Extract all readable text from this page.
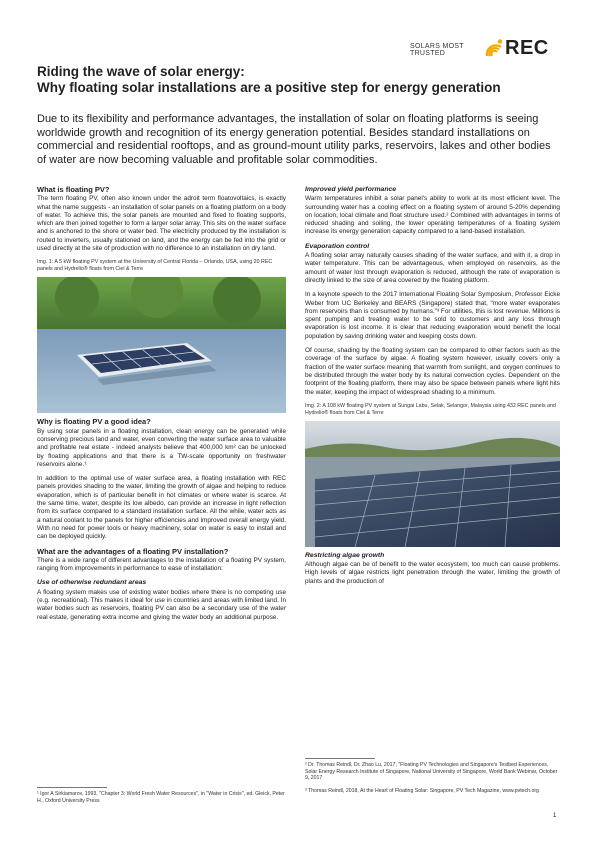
SOLARS MOST TRUSTED	REC
Riding the wave of solar energy:
Why floating solar installations are a positive step for energy generation
Due to its flexibility and performance advantages, the installation of solar on floating platforms is seeing worldwide growth and recognition of its energy generation potential. Besides standard installations on commercial and residential rooftops, and as ground-mount utility parks, reservoirs, lakes and other bodies of water are now becoming valuable and profitable solar commodities.
What is floating PV?

The term floating PV, often also known under the adroit term floatovoltaics, is exactly what the name suggests - an installation of solar panels on a floating platform on a body of water. To achieve this, the solar panels are mounted and fixed to floating supports, which are then joined together to form a larger solar array. This sits on the water surface and is anchored to the shore or water bed. The electricity produced by the installation is routed to inverters, usually stationed on land, and the energy can be fed into the grid or used directly at the site of production with no difference to an installation on dry land.

Img. 1: A 5 kW floating PV system at the University of Central Florida – Orlando, USA, using 20 REC panels and Hydrelio® floats from Ciel & Terre
Why is floating PV a good idea?

By using solar panels in a floating installation, clean energy can be generated while conserving precious land and water, even converting the water surface area to valuable and profitable real estate - indeed analysts believe that 400,000 km² can be unlocked by floating applications and that there is a TW-scale opportunity on freshwater reservoirs alone.¹

In addition to the optimal use of water surface area, a floating installation with REC panels provides shading to the water, limiting the growth of algae and helping to reduce evaporation, which is of particular benefit in hot climates or where water is scarce. At the same time, water, despite its low albedo, can provide an increase in light reflection from its surface compared to a standard installation surface. All the while, water acts as a natural coolant to the panels for higher efficiencies and improved overall energy yield. With no need for power tools or heavy machinery, solar on water is easy to install and can be deployed quickly.

What are the advantages of a floating PV installation?

There is a wide range of different advantages to the installation of a floating PV system, ranging from improvements in performance to ease of installation:

Use of otherwise redundant areas

A floating system makes use of existing water bodies where there is no competing use (e.g. recreational). This makes it ideal for use in countries and areas with limited land. In water bodies such as reservoirs, floating PV can also be a secondary use of the water real estate, generating extra income and giving the water body an additional purpose.

¹ Igor A Sirkiamarov, 1993, "Chapter 3: World Fresh Water Resources", in "Water in Crisis", ed. Gleick, Peter H., Oxford University Press
Improved yield performance

Warm temperatures inhibit a solar panel's ability to work at its most efficient level. The surrounding water has a cooling effect on a floating system of around 5-20% depending on location, local climate and float structure used.² Combined with advantages in terms of reduced shading and soiling, the lower operating temperatures of a floating system increase its energy generation capacity compared to a land-based installation.

Evaporation control

A floating solar array naturally causes shading of the water surface, and with it, a drop in water temperature. This can be advantageous, when employed on reservoirs, as the amount of water lost through evaporation is reduced, although the rate of evaporation is directly linked to the size of area covered by the floating platform.

In a keynote speech to the 2017 International Floating Solar Symposium, Professor Eicke Weber from UC Berkeley and BEARS (Singapore) stated that, "more water evaporates from reservoirs than is consumed by humans."³ For utilities, this is lost revenue. Millions is spent pumping and treating water to be sold to customers and any loss through evaporation is lost income. It is clear that reducing evaporation would benefit the local population by saving drinking water and keeping costs down.

Of course, shading by the floating system can be compared to other factors such as the coverage of the surface by algae. A floating system however, usually covers only a fraction of the water surface meaning that warmth from sunlight, and oxygen continues to be distributed through the water body by its natural convection cycles. Dependent on the footprint of the floating platform, there may also be space between panels where light hits the water, keeping the impact of widespread shading to a minimum.

Img. 2: A 108 kW floating PV system at Sungai Labu, Selak, Selangor, Malaysia using 432 REC panels and Hydrelio® floats from Ciel & Terre
Restricting algae growth

Although algae can be of benefit to the water ecosystem, too much can cause problems. High levels of algae restricts light penetration through the water, limiting the growth of plants and the production of

² Dr. Thomas Reindl, Dr. Zhao Lu, 2017, "Floating PV Technologies and Singapore's Testbed Experiences, Solar Energy Research Institute of Singapore, National University of Singapore, World Bank Webinar, October 9, 2017
³ Thomas Reindl, 2018, At the Heart of Floating Solar: Singapore, PV Tech Magazine, www.pvtech.org
1
